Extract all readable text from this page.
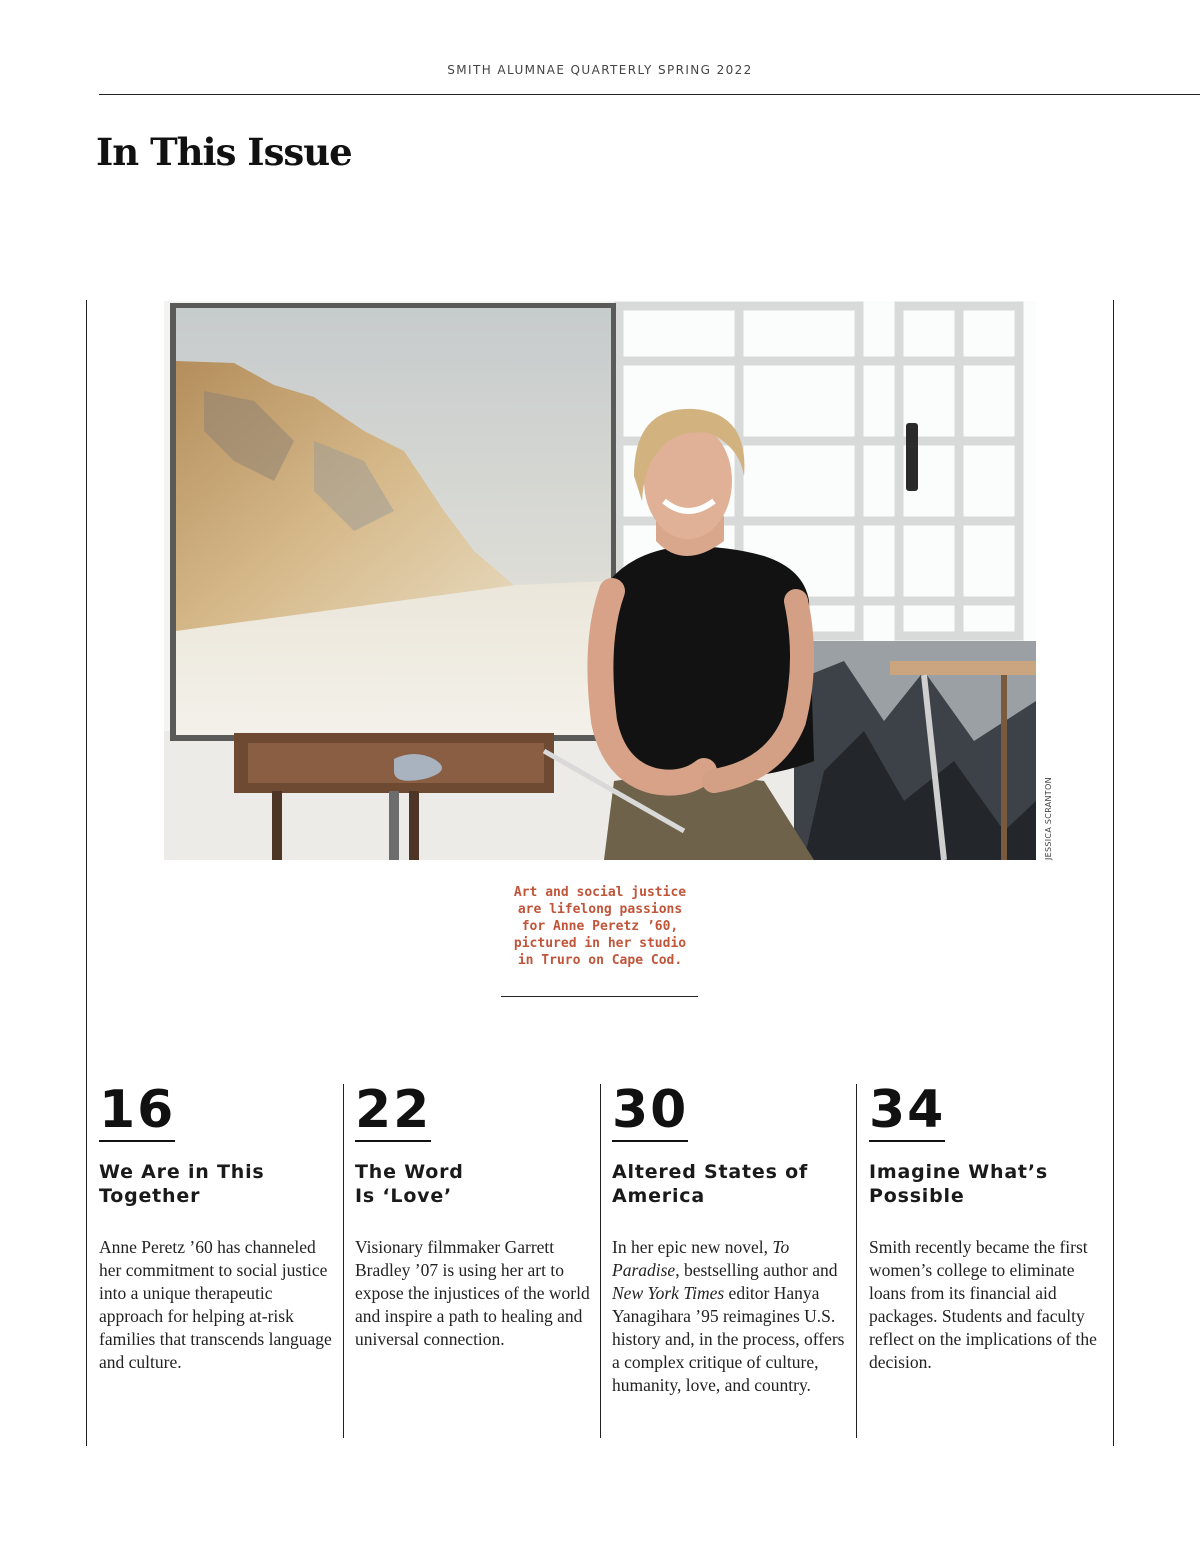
SMITH ALUMNAE QUARTERLY SPRING 2022
In This Issue
JESSICA SCRANTON

Art and social justice
are lifelong passions
for Anne Peretz ’60,
pictured in her studio
in Truro on Cape Cod.

16
We Are in This
Together
Anne Peretz ’60 has channeled her commitment to social justice into a unique therapeutic approach for helping at-risk families that transcends language and culture.
22
The Word
Is ‘Love’
Visionary filmmaker Garrett Bradley ’07 is using her art to expose the injustices of the world and inspire a path to healing and universal connection.
30
Altered States of
America
In her epic new novel, To Paradise, bestselling author and New York Times editor Hanya Yanagihara ’95 reimagines U.S. history and, in the process, offers a complex critique of culture, humanity, love, and country.
34
Imagine What’s
Possible
Smith recently became the first women’s college to eliminate loans from its financial aid packages. Students and faculty reflect on the implications of the decision.
